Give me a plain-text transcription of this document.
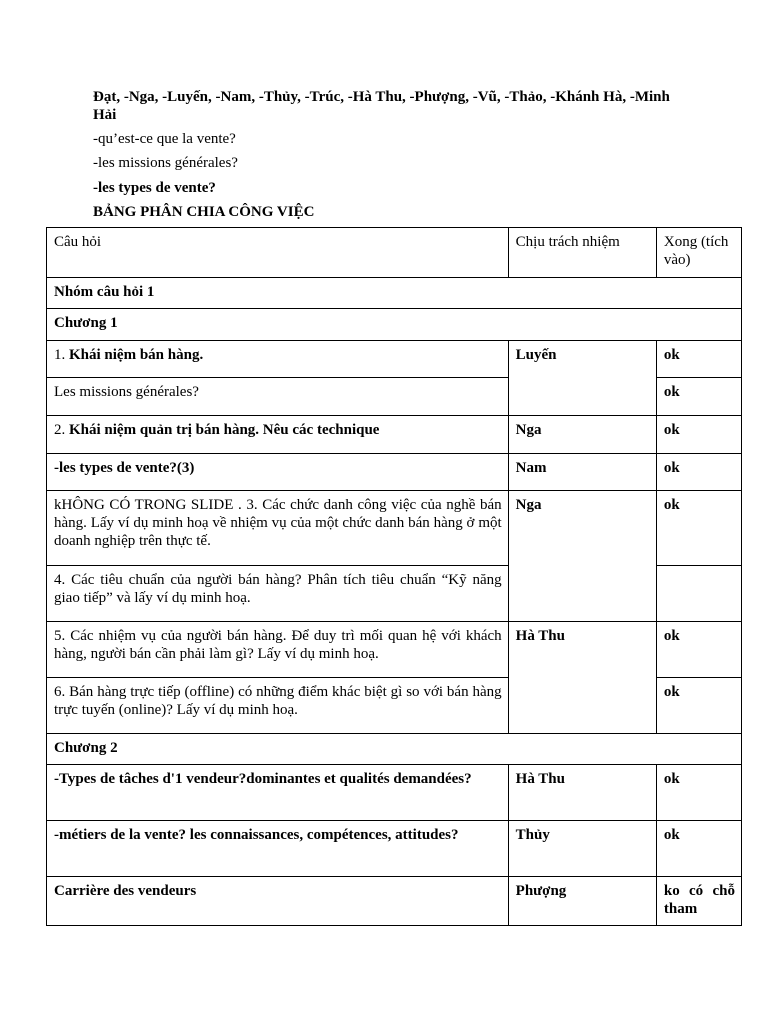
Đạt, -Nga, -Luyến, -Nam, -Thủy, -Trúc, -Hà Thu, -Phượng, -Vũ, -Thảo, -Khánh Hà, -Minh Hải
-qu’est-ce que la vente?
-les missions générales?
-les types de vente?
BẢNG PHÂN CHIA CÔNG VIỆC
Câu hỏi	Chịu trách nhiệm	Xong (tích vào)
Nhóm câu hỏi 1		
Chương 1		
1. Khái niệm bán hàng.	Luyến	ok
Les missions générales?		ok
2. Khái niệm quản trị bán hàng. Nêu các technique	Nga	ok
-les types de vente?(3)	Nam	ok
kHÔNG CÓ TRONG SLIDE . 3. Các chức danh công việc của nghề bán hàng. Lấy ví dụ minh hoạ về nhiệm vụ của một chức danh bán hàng ở một doanh nghiệp trên thực tế.	Nga	ok
4. Các tiêu chuẩn của người bán hàng? Phân tích tiêu chuẩn “Kỹ năng giao tiếp” và lấy ví dụ minh hoạ.		
5. Các nhiệm vụ của người bán hàng. Để duy trì mối quan hệ với khách hàng, người bán cần phải làm gì? Lấy ví dụ minh hoạ.	Hà Thu	ok
6. Bán hàng trực tiếp (offline) có những điểm khác biệt gì so với bán hàng trực tuyến (online)? Lấy ví dụ minh hoạ.		ok
Chương 2		
-Types de tâches d'1 vendeur?dominantes et qualités demandées?	Hà Thu	ok
-métiers de la vente? les connaissances, compétences, attitudes?	Thủy	ok
Carrière des vendeurs	Phượng	ko có chỗ tham
